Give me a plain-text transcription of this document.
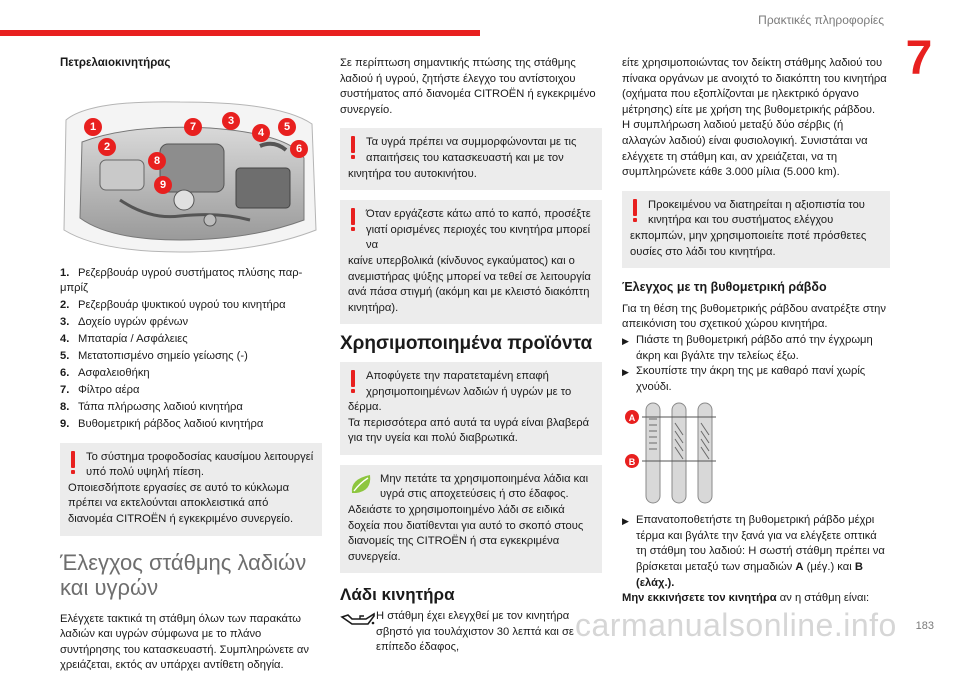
Πρακτικές πληροφορίες
7
Πετρελαιοκινητήρας
1
2
3
4	5
6
7
8
9
1. Ρεζερβουάρ υγρού συστήματος πλύσης παρ-μπρίζ
2. Ρεζερβουάρ ψυκτικού υγρού του κινητήρα
3. Δοχείο υγρών φρένων
4. Μπαταρία / Ασφάλειες
5. Μετατοπισμένο σημείο γείωσης (-)
6. Ασφαλειοθήκη
7. Φίλτρο αέρα
8. Τάπα πλήρωσης λαδιού κινητήρα
9. Βυθομετρική ράβδος λαδιού κινητήρα
Το σύστημα τροφοδοσίας καυσίμου λειτουργεί υπό πολύ υψηλή πίεση.
Οποιεσδήποτε εργασίες σε αυτό το κύκλωμα πρέπει να εκτελούνται αποκλειστικά από διανομέα CITROËN ή εγκεκριμένο συνεργείο.
Έλεγχος στάθμης λαδιών και υγρών

Ελέγχετε τακτικά τη στάθμη όλων των παρακάτω λαδιών και υγρών σύμφωνα με το πλάνο συντήρησης του κατασκευαστή. Συμπληρώνετε αν χρειάζεται, εκτός αν υπάρχει αντίθετη οδηγία.

Σε περίπτωση σημαντικής πτώσης της στάθμης λαδιού ή υγρού, ζητήστε έλεγχο του αντίστοιχου συστήματος από διανομέα CITROËN ή εγκεκριμένο συνεργείο.

Τα υγρά πρέπει να συμμορφώνονται με τις απαιτήσεις του κατασκευαστή και με τον
κινητήρα του αυτοκινήτου.
Όταν εργάζεστε κάτω από το καπό, προσέξτε γιατί ορισμένες περιοχές του κινητήρα μπορεί να
καίνε υπερβολικά (κίνδυνος εγκαύματος) και ο ανεμιστήρας ψύξης μπορεί να τεθεί σε λειτουργία ανά πάσα στιγμή (ακόμη και με κλειστό διακόπτη κινητήρα).
Χρησιμοποιημένα προϊόντα
Αποφύγετε την παρατεταμένη επαφή χρησιμοποιημένων λαδιών ή υγρών με το
δέρμα.
Τα περισσότερα από αυτά τα υγρά είναι βλαβερά για την υγεία και πολύ διαβρωτικά.
Μην πετάτε τα χρησιμοποιημένα λάδια και υγρά στις αποχετεύσεις ή στο έδαφος.
Αδειάστε το χρησιμοποιημένο λάδι σε ειδικά δοχεία που διατίθενται για αυτό το σκοπό στους διανομείς της CITROËN ή στα εγκεκριμένα συνεργεία.
Λάδι κινητήρα

Η στάθμη έχει ελεγχθεί με τον κινητήρα σβηστό για τουλάχιστον 30 λεπτά και σε επίπεδο έδαφος,

είτε χρησιμοποιώντας τον δείκτη στάθμης λαδιού του πίνακα οργάνων με ανοιχτό το διακόπτη του κινητήρα (οχήματα που εξοπλίζονται με ηλεκτρικό όργανο μέτρησης) είτε με χρήση της βυθομετρικής ράβδου.
Η συμπλήρωση λαδιού μεταξύ δύο σέρβις (ή αλλαγών λαδιού) είναι φυσιολογική. Συνιστάται να ελέγχετε τη στάθμη και, αν χρειάζεται, να τη συμπληρώνετε κάθε 3.000 μίλια (5.000 km).

Προκειμένου να διατηρείται η αξιοπιστία του κινητήρα και του συστήματος ελέγχου
εκπομπών, μην χρησιμοποιείτε ποτέ πρόσθετες ουσίες στο λάδι του κινητήρα.
Έλεγχος με τη βυθομετρική ράβδο

Για τη θέση της βυθομετρικής ράβδου ανατρέξτε στην απεικόνιση του σχετικού χώρου κινητήρα.

▶ Πιάστε τη βυθομετρική ράβδο από την έγχρωμη άκρη και βγάλτε την τελείως έξω.
▶ Σκουπίστε την άκρη της με καθαρό πανί χωρίς χνούδι.
A
B
▶ Επανατοποθετήστε τη βυθομετρική ράβδο μέχρι τέρμα και βγάλτε την ξανά για να ελέγξετε οπτικά τη στάθμη του λαδιού: Η σωστή στάθμη πρέπει να βρίσκεται μεταξύ των σημαδιών A (μέγ.) και B (ελάχ.).

Μην εκκινήσετε τον κινητήρα αν η στάθμη είναι:

carmanualsonline.info 183
